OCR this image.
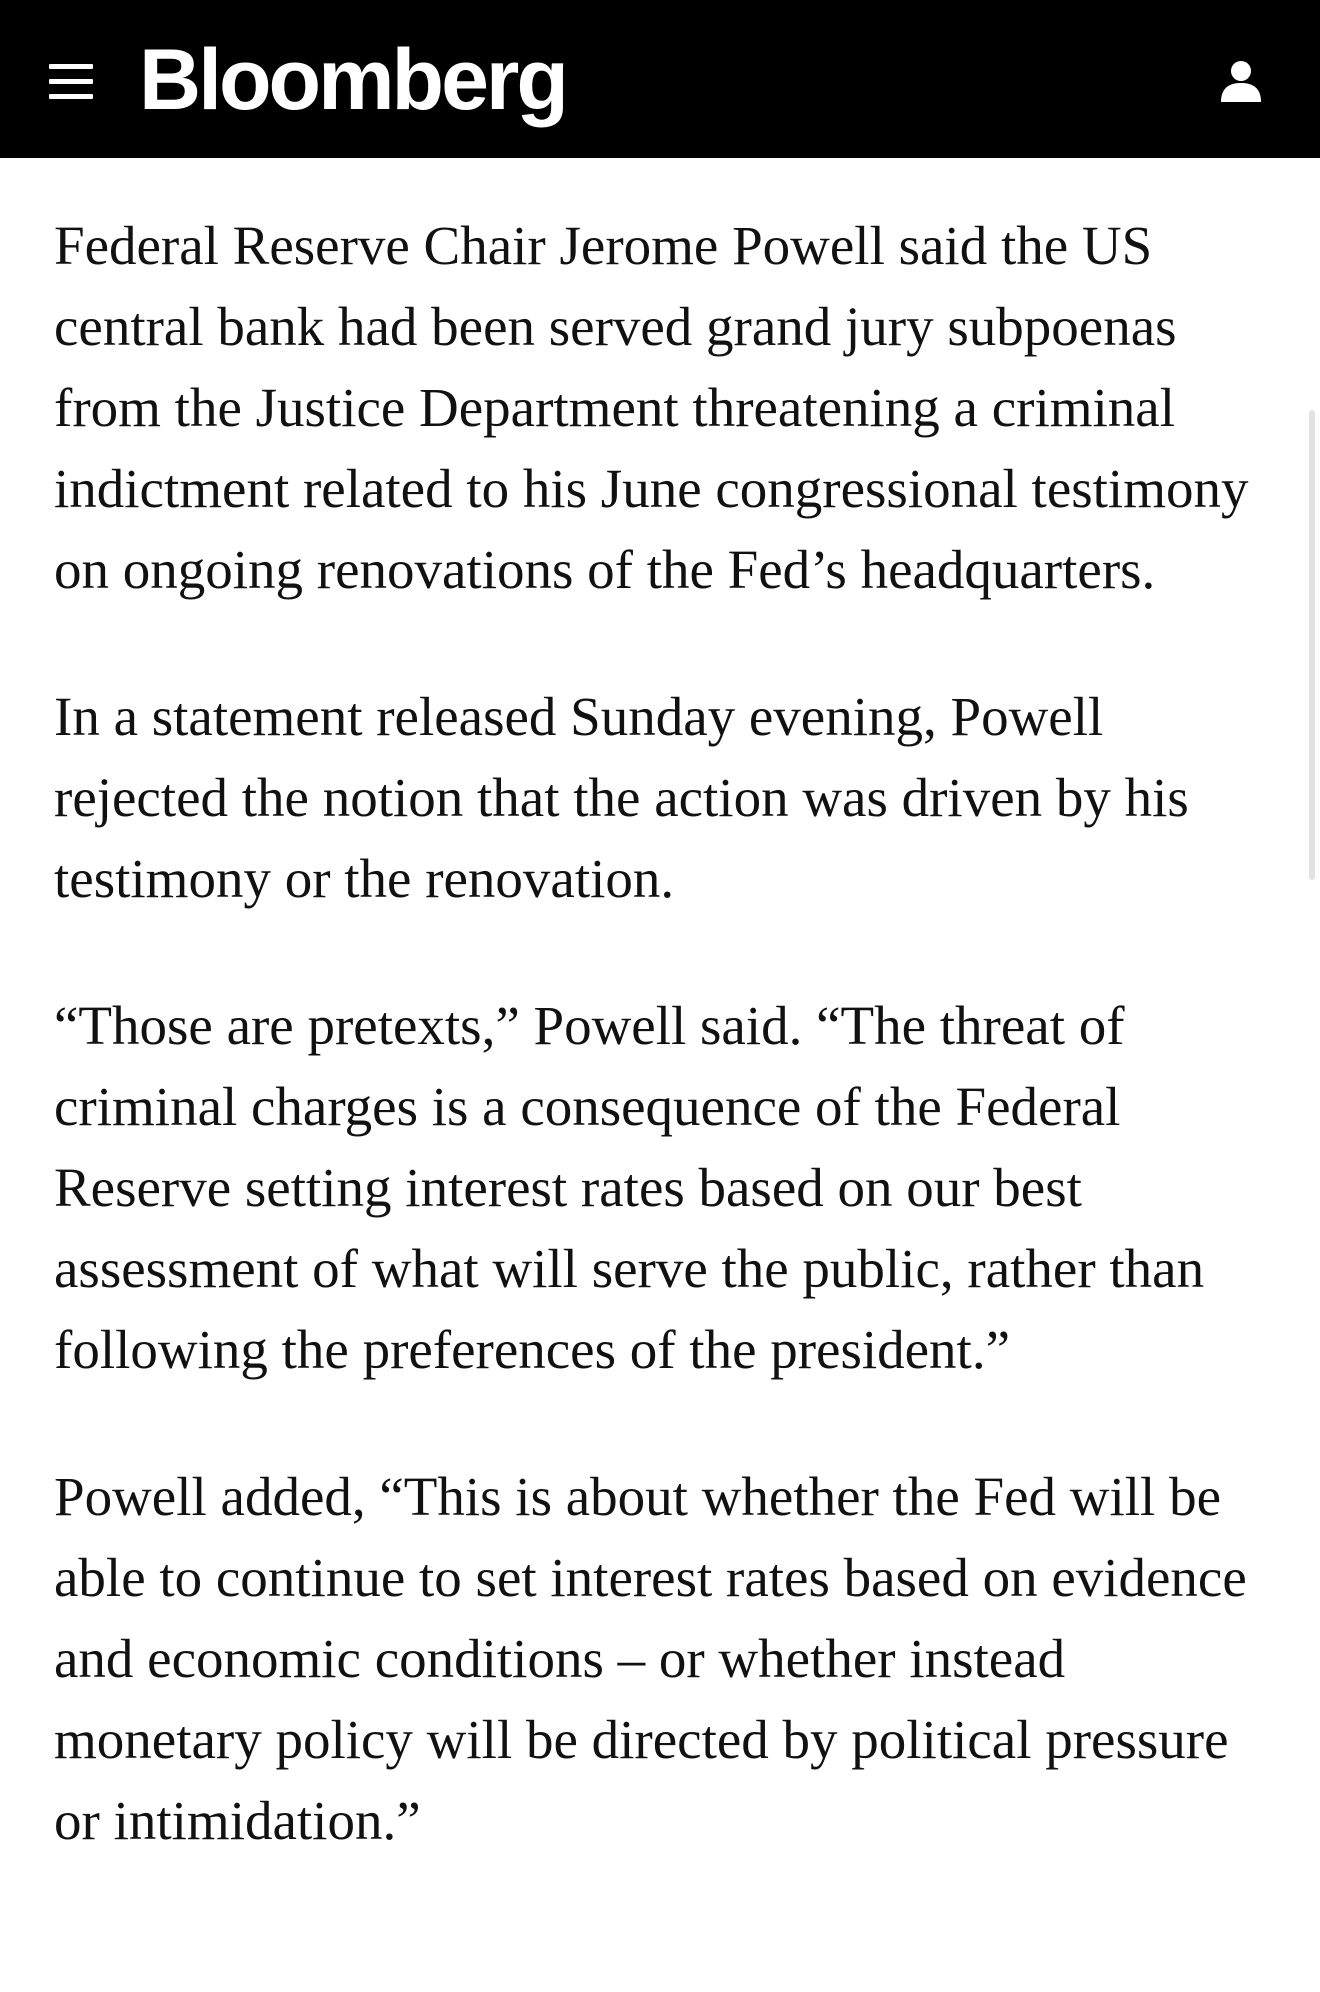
Bloomberg

Federal Reserve Chair Jerome Powell said the US central bank had been served grand jury subpoenas from the Justice Department threatening a criminal indictment related to his June congressional testimony on ongoing renovations of the Fed’s headquarters.

In a statement released Sunday evening, Powell rejected the notion that the action was driven by his testimony or the renovation.

“Those are pretexts,” Powell said. “The threat of criminal charges is a consequence of the Federal Reserve setting interest rates based on our best assessment of what will serve the public, rather than following the preferences of the president.”

Powell added, “This is about whether the Fed will be able to continue to set interest rates based on evidence and economic conditions – or whether instead monetary policy will be directed by political pressure or intimidation.”
